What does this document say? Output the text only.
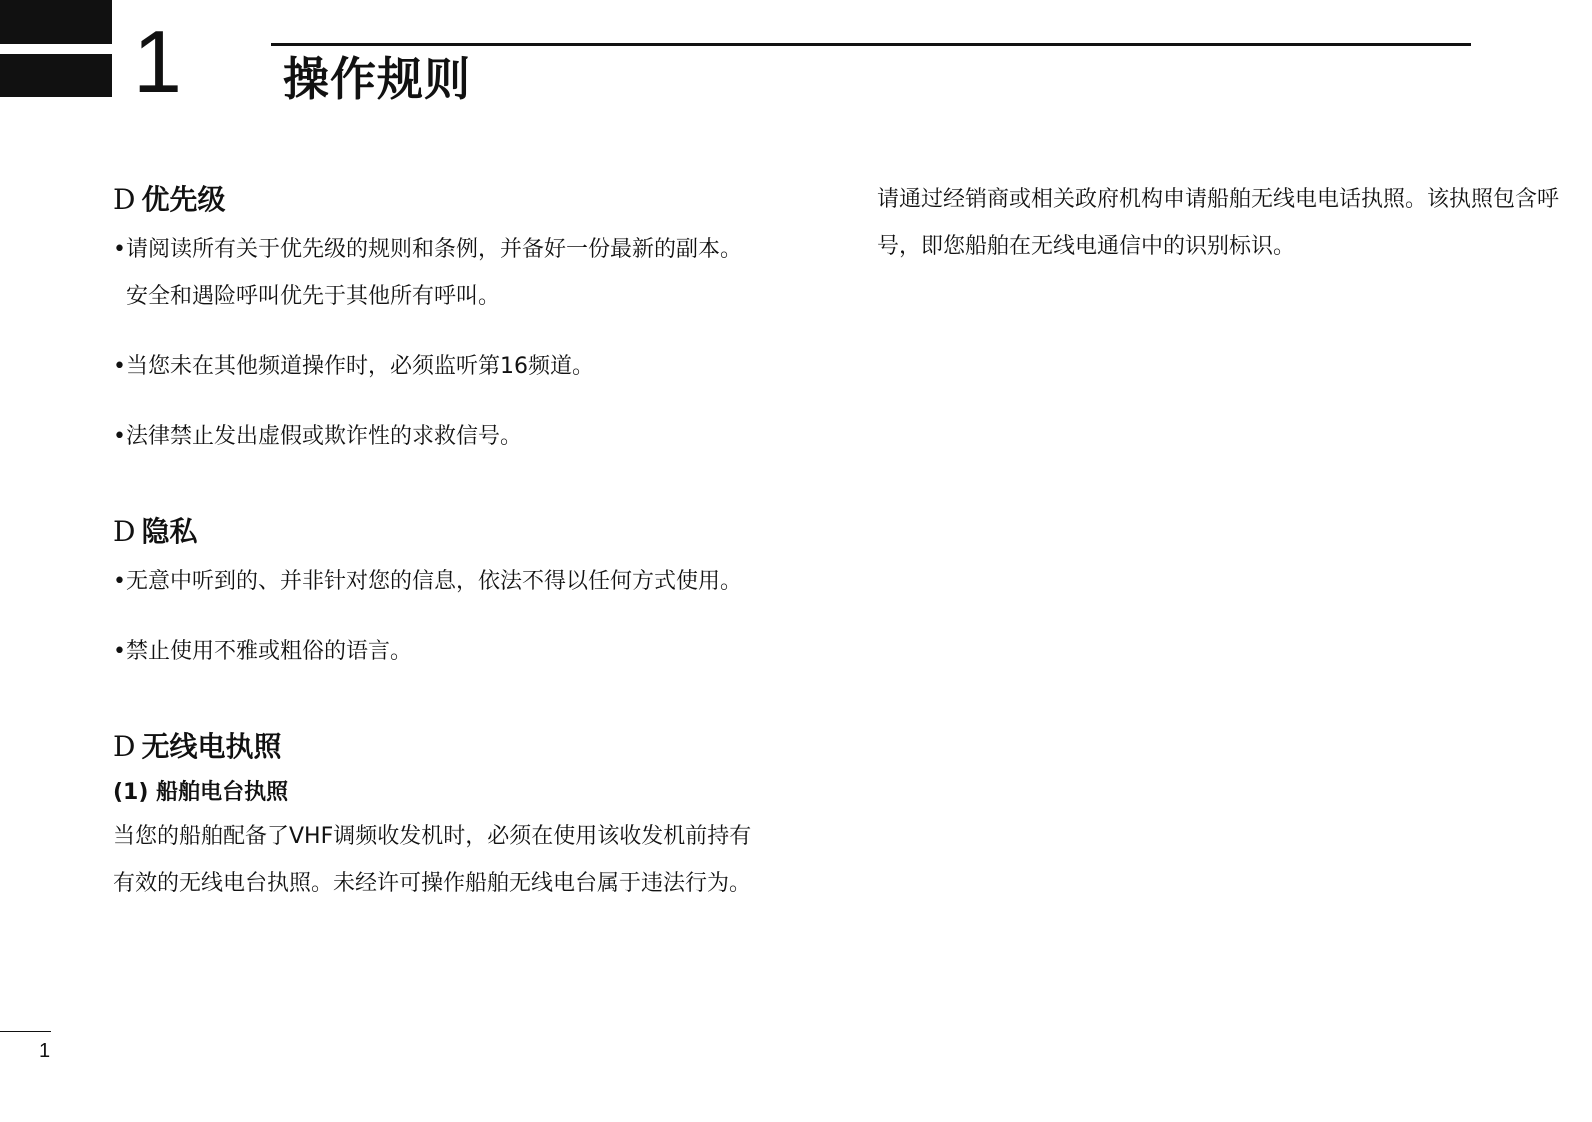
1 操作规则
D 优先级
• 请阅读所有关于优先级的规则和条例，并备好一份最新的副本。安全和遇险呼叫优先于其他所有呼叫。
• 当您未在其他频道操作时，必须监听第16频道。
• 法律禁止发出虚假或欺诈性的求救信号。
D 隐私
• 无意中听到的、并非针对您的信息，依法不得以任何方式使用。
• 禁止使用不雅或粗俗的语言。
D 无线电执照
(1) 船舶电台执照
当您的船舶配备了VHF调频收发机时，必须在使用该收发机前持有有效的无线电台执照。未经许可操作船舶无线电台属于违法行为。
请通过经销商或相关政府机构申请船舶无线电电话执照。该执照包含呼号，即您船舶在无线电通信中的识别标识。
1
